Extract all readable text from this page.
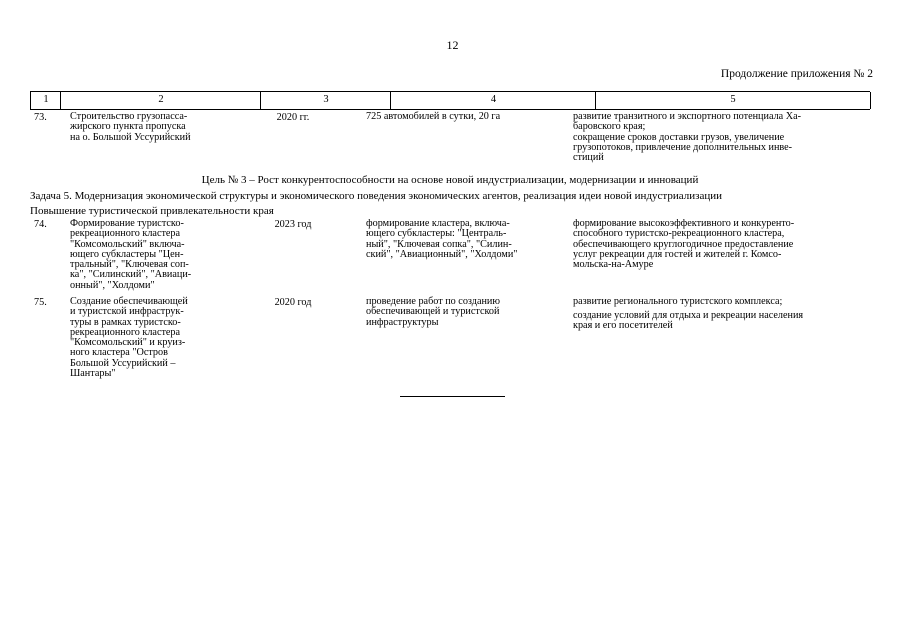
12
Продолжение приложения № 2
1	2	3	4	5
73. Строительство грузопасса-
жирского пункта пропуска
на о. Большой Уссурийский
2020 гг.	725 автомобилей в сутки, 20 га	развитие транзитного и экспортного потенциала Ха-
баровского края;
сокращение сроков доставки грузов, увеличение
грузопотоков, привлечение дополнительных инве-
стиций
Цель № 3 – Рост конкурентоспособности на основе новой индустриализации, модернизации и инноваций
Задача 5. Модернизация экономической структуры и экономического поведения экономических агентов, реализация идеи новой индустриализации
Повышение туристической привлекательности края
74. Формирование туристско-
рекреационного кластера
"Комсомольский" включа-
ющего субкластеры "Цен-
тральный", "Ключевая соп-
ка", "Силинский", "Авиаци-
онный", "Холдоми"
2023 год	формирование кластера, включа-
ющего субкластеры: "Централь-
ный", "Ключевая сопка", "Силин-
ский", "Авиационный", "Холдоми"
формирование высокоэффективного и конкуренто-
способного туристско-рекреационного кластера,
обеспечивающего круглогодичное предоставление
услуг рекреации для гостей и жителей г. Комсо-
мольска-на-Амуре
75. Создание обеспечивающей
и туристской инфраструк-
туры в рамках туристско-
рекреационного кластера
"Комсомольский" и круиз-
ного кластера "Остров
Большой Уссурийский –
Шантары"
2020 год	проведение работ по созданию
обеспечивающей и туристской
инфраструктуры
развитие регионального туристского комплекса;
создание условий для отдыха и рекреации населения
края и его посетителей
